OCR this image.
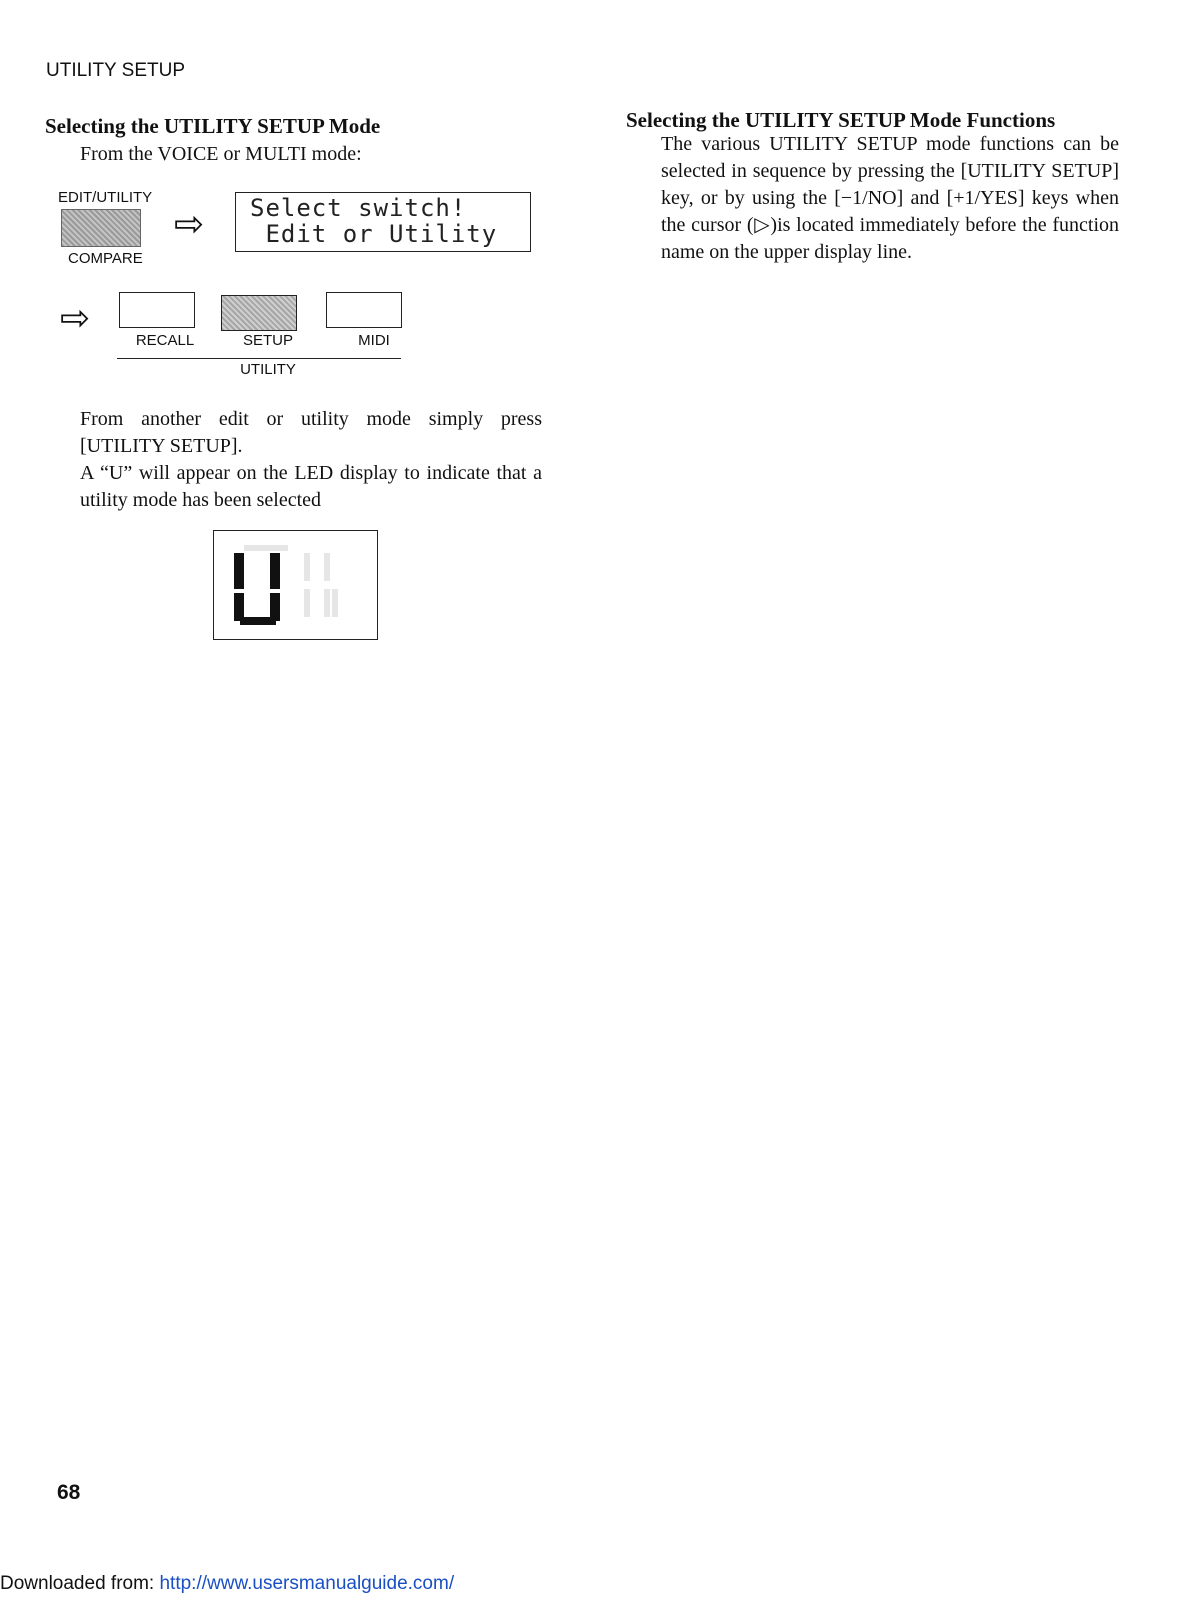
UTILITY SETUP
Selecting the UTILITY SETUP Mode
From the VOICE or MULTI mode:
EDIT/UTILITY
COMPARE
⇨ Select switch!
Edit or Utility
⇨
RECALL	SETUP	MIDI
UTILITY
From another edit or utility mode simply press [UTILITY SETUP].
A “U” will appear on the LED display to indicate that a utility mode has been selected
Selecting the UTILITY SETUP Mode Functions
The various UTILITY SETUP mode functions can be selected in sequence by pressing the [UTILITY SETUP] key, or by using the [−1/NO] and [+1/YES] keys when the cursor (▷)is located immediately before the function name on the upper display line.
68
Downloaded from: http://www.usersmanualguide.com/
